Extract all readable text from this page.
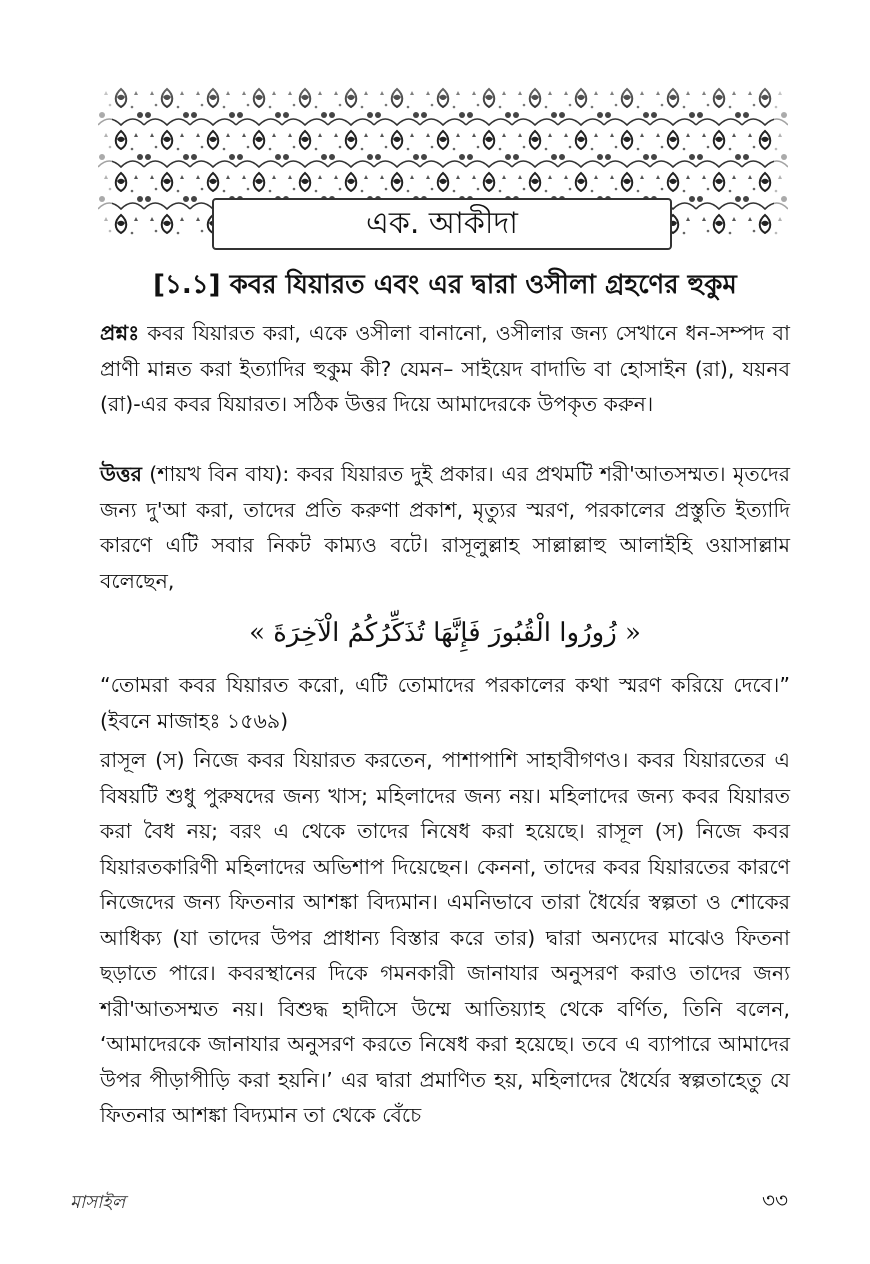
এক. আকীদা
[১.১] কবর যিয়ারত এবং এর দ্বারা ওসীলা গ্রহণের হুকুম

প্রশ্নঃ কবর যিয়ারত করা, একে ওসীলা বানানো, ওসীলার জন্য সেখানে ধন-সম্পদ বা প্রাণী মান্নত করা ইত্যাদির হুকুম কী? যেমন– সাইয়েদ বাদাভি বা হোসাইন (রা), যয়নব (রা)-এর কবর যিয়ারত। সঠিক উত্তর দিয়ে আমাদেরকে উপকৃত করুন।

উত্তর (শায়খ বিন বায): কবর যিয়ারত দুই প্রকার। এর প্রথমটি শরী'আতসম্মত। মৃতদের জন্য দু'আ করা, তাদের প্রতি করুণা প্রকাশ, মৃত্যুর স্মরণ, পরকালের প্রস্তুতি ইত্যাদি কারণে এটি সবার নিকট কাম্যও বটে। রাসূলুল্লাহ সাল্লাল্লাহু আলাইহি ওয়াসাল্লাম বলেছেন,

« زُورُوا الْقُبُورَ فَإِنَّهَا تُذَكِّرُكُمُ الْآخِرَةَ »

“তোমরা কবর যিয়ারত করো, এটি তোমাদের পরকালের কথা স্মরণ করিয়ে দেবে।” (ইবনে মাজাহঃ ১৫৬৯)

রাসূল (স) নিজে কবর যিয়ারত করতেন, পাশাপাশি সাহাবীগণও। কবর যিয়ারতের এ বিষয়টি শুধু পুরুষদের জন্য খাস; মহিলাদের জন্য নয়। মহিলাদের জন্য কবর যিয়ারত করা বৈধ নয়; বরং এ থেকে তাদের নিষেধ করা হয়েছে। রাসূল (স) নিজে কবর যিয়ারতকারিণী মহিলাদের অভিশাপ দিয়েছেন। কেননা, তাদের কবর যিয়ারতের কারণে নিজেদের জন্য ফিতনার আশঙ্কা বিদ্যমান। এমনিভাবে তারা ধৈর্যের স্বল্পতা ও শোকের আধিক্য (যা তাদের উপর প্রাধান্য বিস্তার করে তার) দ্বারা অন্যদের মাঝেও ফিতনা ছড়াতে পারে। কবরস্থানের দিকে গমনকারী জানাযার অনুসরণ করাও তাদের জন্য শরী'আতসম্মত নয়। বিশুদ্ধ হাদীসে উম্মে আতিয়্যাহ থেকে বর্ণিত, তিনি বলেন, ‘আমাদেরকে জানাযার অনুসরণ করতে নিষেধ করা হয়েছে। তবে এ ব্যাপারে আমাদের উপর পীড়াপীড়ি করা হয়নি।’ এর দ্বারা প্রমাণিত হয়, মহিলাদের ধৈর্যের স্বল্পতাহেতু যে ফিতনার আশঙ্কা বিদ্যমান তা থেকে বেঁচে

মাসাইল	৩৩
